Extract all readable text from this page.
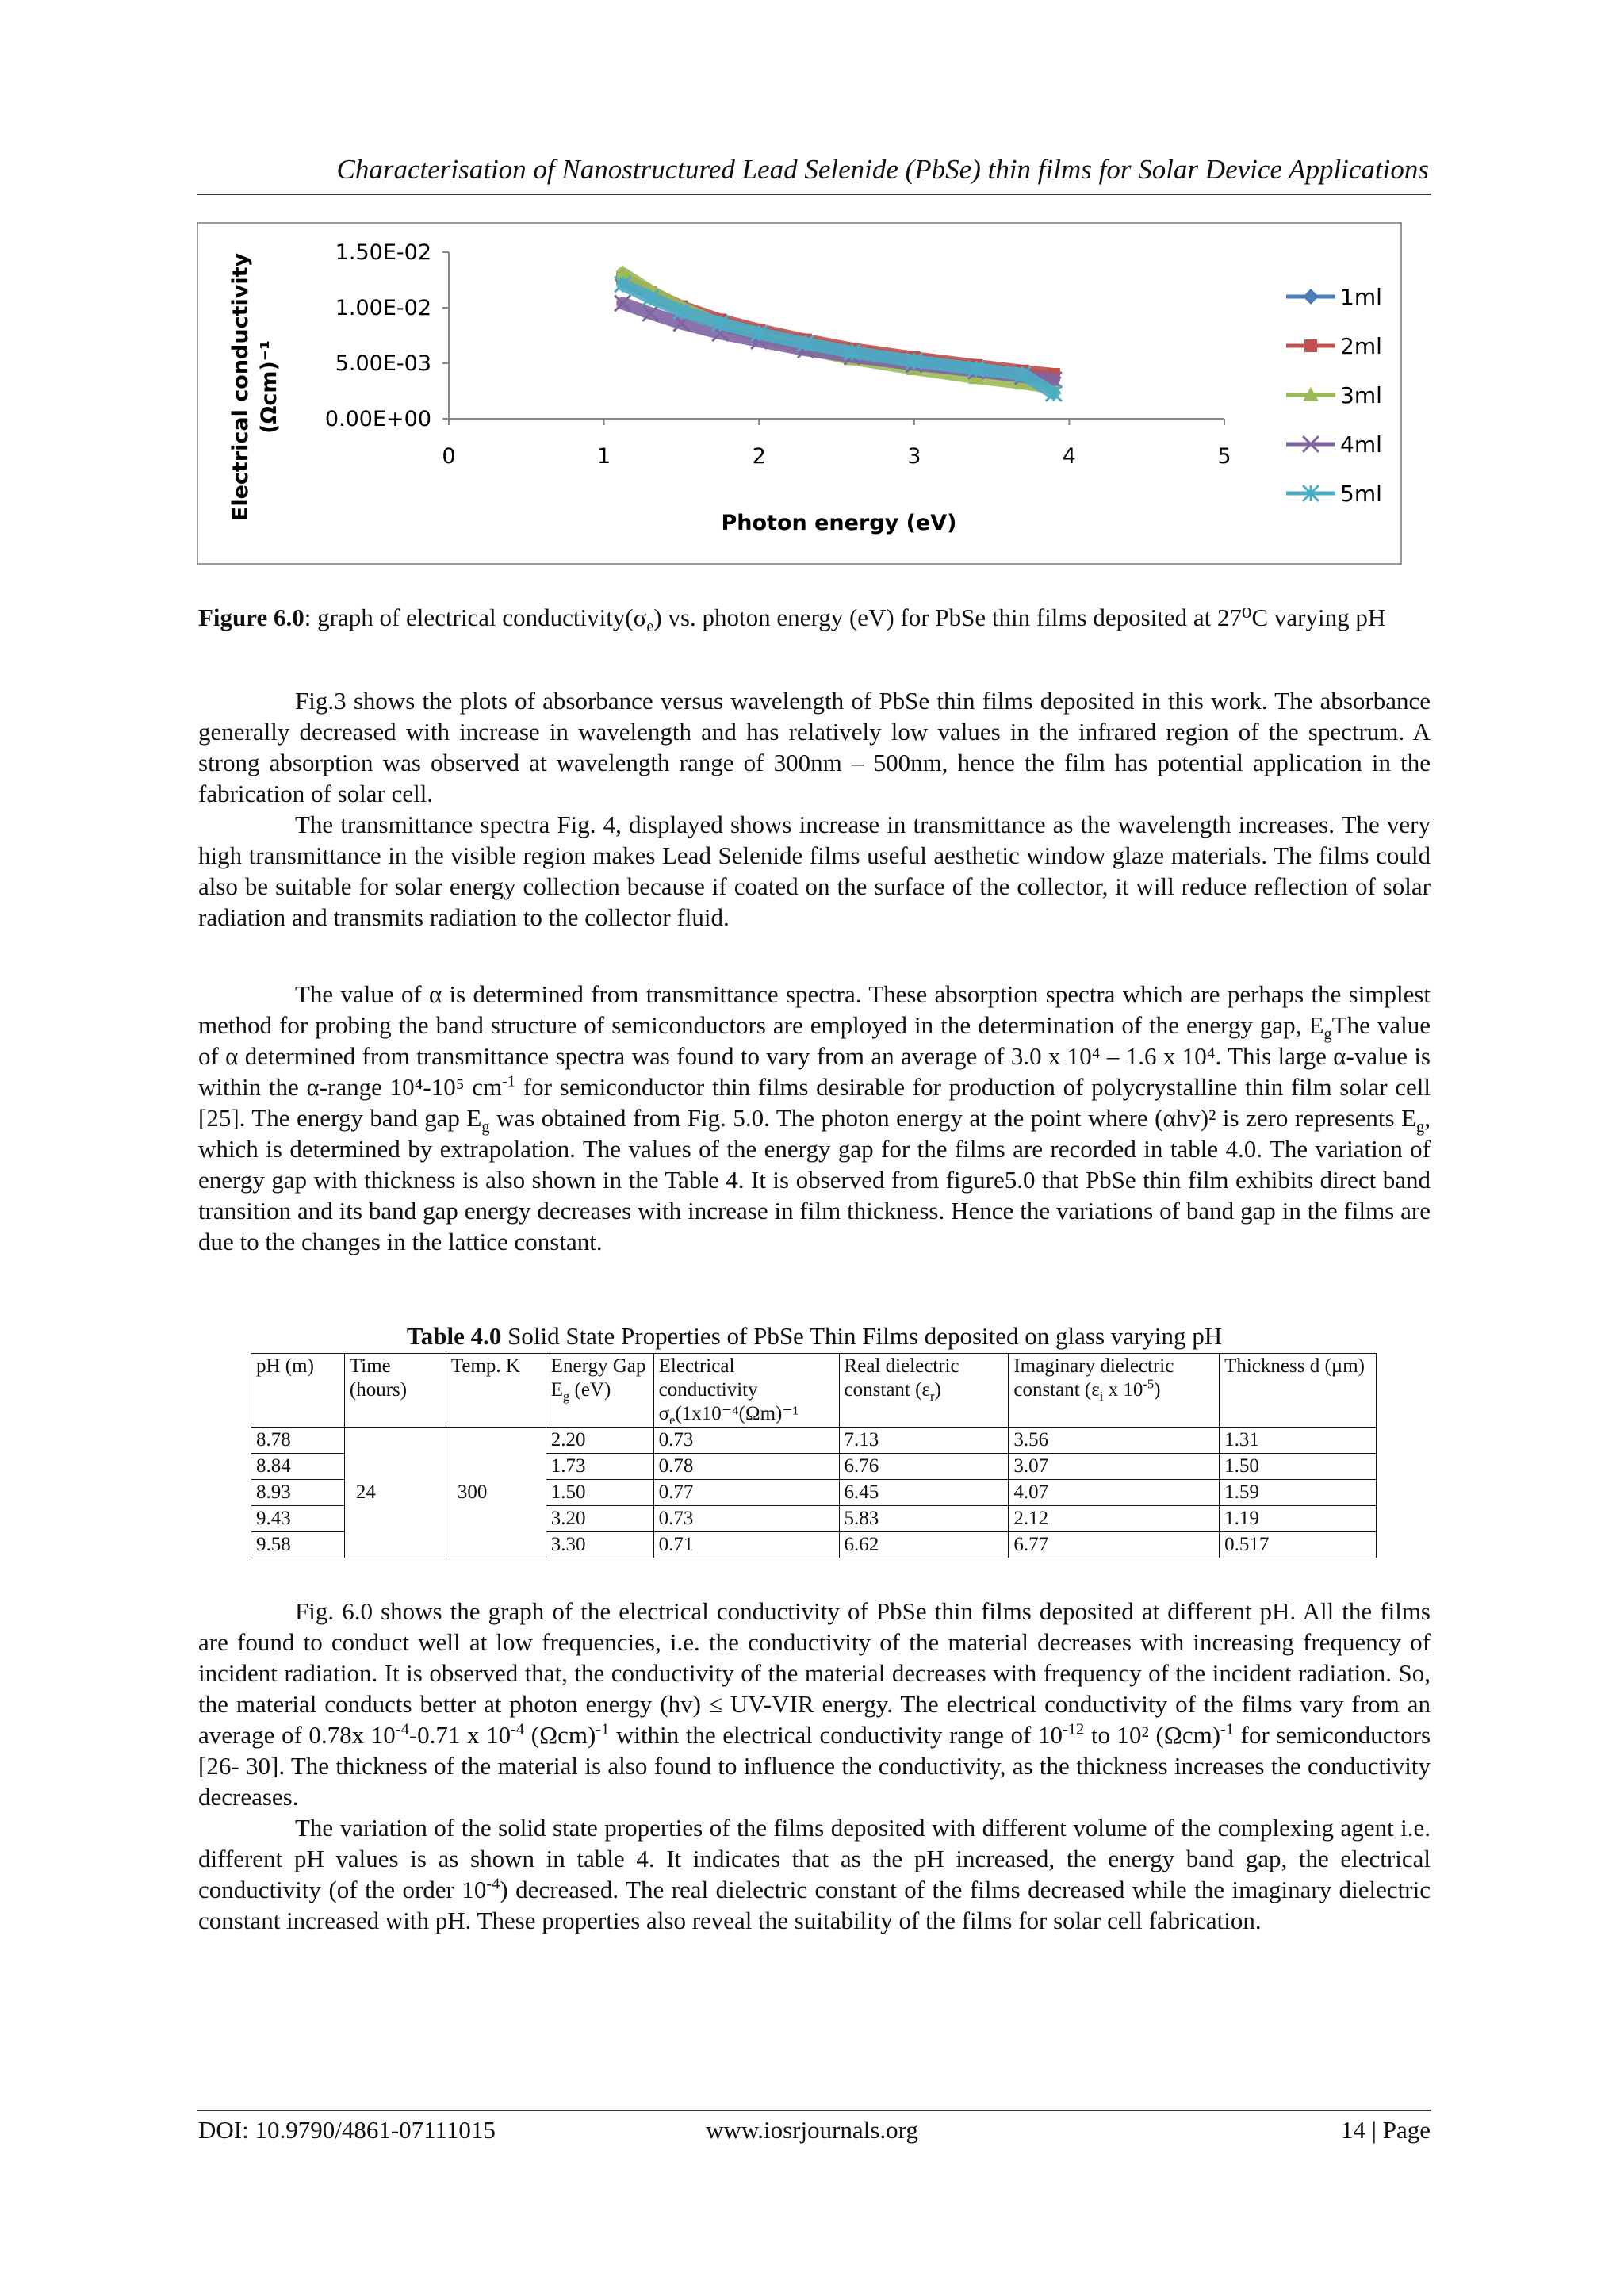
Characterisation of Nanostructured Lead Selenide (PbSe) thin films for Solar Device Applications
0	1	2	3	4	5
0.00E+00
5.00E-03
1.00E-02
1.50E-02
1ml
2ml
3ml
4ml
5ml
Electrical conductivity (Ωcm)⁻¹
Photon energy (eV)
Figure 6.0: graph of electrical $conductivity(\sigma_e)$ vs. photon energy (eV) for PbSe thin films deposited at 27⁰C varying pH

Fig.3 shows the plots of absorbance versus wavelength of PbSe thin films deposited in this work. The absorbance generally decreased with increase in wavelength and has relatively low values in the infrared region of the spectrum. A strong absorption was observed at wavelength range of 300nm – 500nm, hence the film has potential application in the fabrication of solar cell.

The transmittance spectra Fig. 4, displayed shows increase in transmittance as the wavelength increases. The very high transmittance in the visible region makes Lead Selenide films useful aesthetic window glaze materials. The films could also be suitable for solar energy collection because if coated on the surface of the collector, it will reduce reflection of solar radiation and transmits radiation to the collector fluid.

The value of α is determined from transmittance spectra. These absorption spectra which are perhaps the simplest method for probing the band structure of semiconductors are employed in the determination of the energy gap, $E_gThe$ value of α determined from transmittance spectra was found to vary from an average of 3.0 x 10⁴ – 1.6 x 10⁴. This large α-value is within the α-range 10⁴-10⁵ $cm^{-1}$ for semiconductor thin films desirable for production of polycrystalline thin film solar cell [25]. The energy band gap $E_g$ was obtained from Fig. 5.0. The photon energy at the point where (αhv)² is zero represents $E_g$, which is determined by extrapolation. The values of the energy gap for the films are recorded in table 4.0. The variation of energy gap with thickness is also shown in the Table 4. It is observed from figure5.0 that PbSe thin film exhibits direct band transition and its band gap energy decreases with increase in film thickness. Hence the variations of band gap in the films are due to the changes in the lattice constant.

Table 4.0 Solid State Properties of PbSe Thin Films deposited on glass varying pH
pH (m)	Time (hours)	Temp. K	Energy Gap $E_g$ (eV)	Electrical conductivity $\sigma_e(1x10^{-4}(\Omega m)^{-1}$	Real dielectric constant $(\varepsilon_r)$	Imaginary dielectric constant ($\varepsilon_i$ x $10^{-5}$)	Thickness d (µm)
8.78	24	300	2.20	0.73	7.13	3.56	1.31
8.84			1.73	0.78	6.76	3.07	1.50
8.93			1.50	0.77	6.45	4.07	1.59
9.43			3.20	0.73	5.83	2.12	1.19
9.58			3.30	0.71	6.62	6.77	0.517

Fig. 6.0 shows the graph of the electrical conductivity of PbSe thin films deposited at different pH. All the films are found to conduct well at low frequencies, i.e. the conductivity of the material decreases with increasing frequency of incident radiation. It is observed that, the conductivity of the material decreases with frequency of the incident radiation. So, the material conducts better at photon energy (hv) ≤ UV-VIR energy. The electrical conductivity of the films vary from an average of 0.78x $10^{-4}-0.71$ x $10^{-4}$ $(\Omega cm)^{-1}$ within the electrical conductivity range of $10^{-12}$ to 10² $(\Omega cm)^{-1}$ for semiconductors [26- 30]. The thickness of the material is also found to influence the conductivity, as the thickness increases the conductivity decreases.

The variation of the solid state properties of the films deposited with different volume of the complexing agent i.e. different pH values is as shown in table 4. It indicates that as the pH increased, the energy band gap, the electrical conductivity (of the order $10^{-4}$) decreased. The real dielectric constant of the films decreased while the imaginary dielectric constant increased with pH. These properties also reveal the suitability of the films for solar cell fabrication.

DOI: 10.9790/4861-07111015	www.iosrjournals.org	14 | Page
